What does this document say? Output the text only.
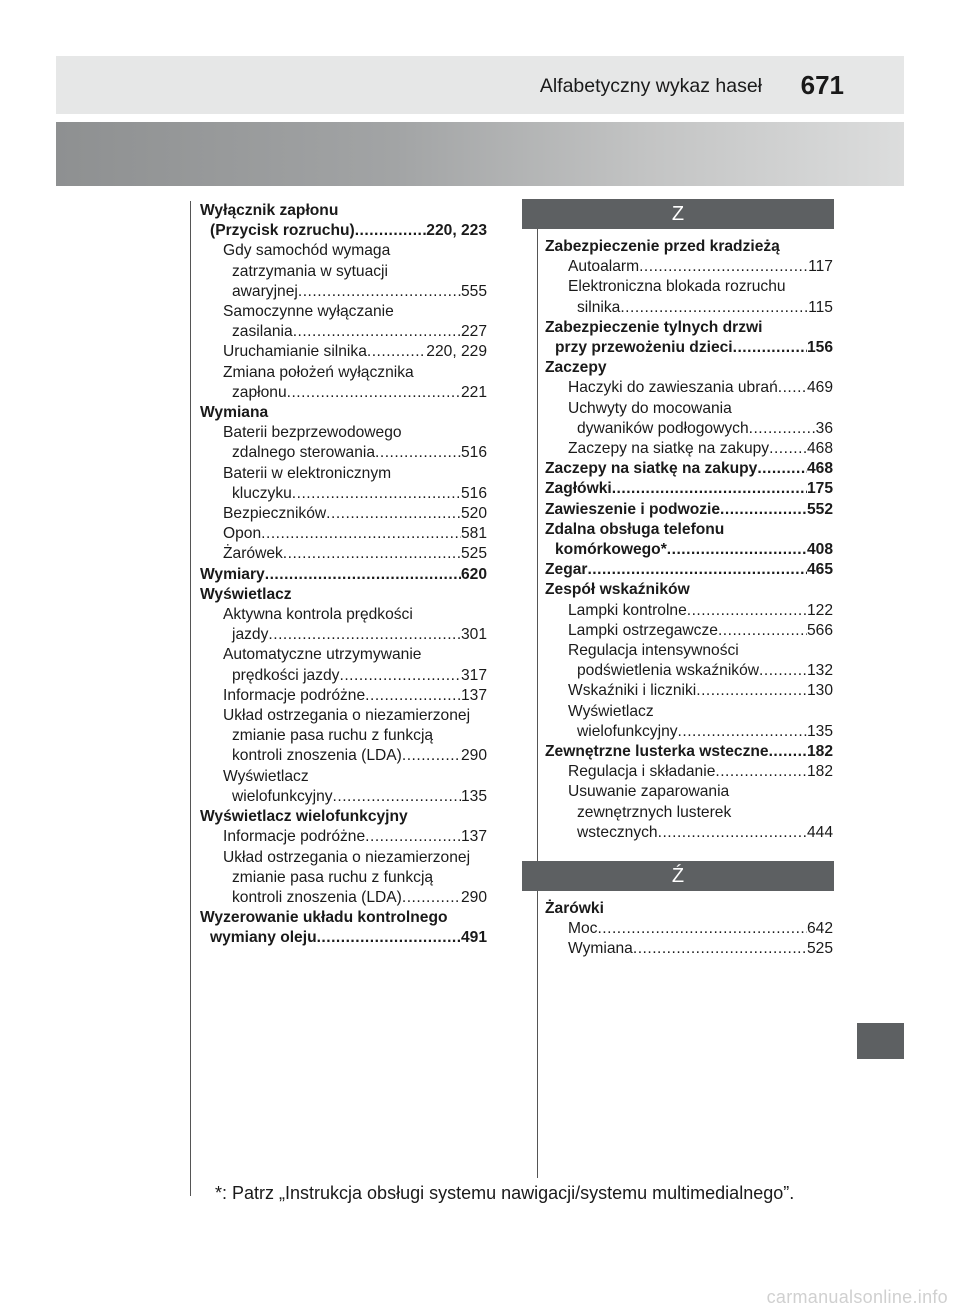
Alfabetyczny wykaz haseł 671
Wyłącznik zapłonu
(Przycisk rozruchu) .....	220, 223
Gdy samochód wymaga
zatrzymania w sytuacji
awaryjnej .....	555
Samoczynne wyłączanie
zasilania .....	227
Uruchamianie silnika .....	220, 229
Zmiana położeń wyłącznika
zapłonu .....	221
Wymiana
Baterii bezprzewodowego
zdalnego sterowania .....	516
Baterii w elektronicznym
kluczyku .....	516
Bezpieczników .....	520
Opon .....	581
Żarówek .....	525
Wymiary .....	620
Wyświetlacz
Aktywna kontrola prędkości
jazdy .....	301
Automatyczne utrzymywanie
prędkości jazdy .....	317
Informacje podróżne .....	137
Układ ostrzegania o niezamierzonej
zmianie pasa ruchu z funkcją
kontroli znoszenia (LDA) .....	290
Wyświetlacz
wielofunkcyjny .....	135
Wyświetlacz wielofunkcyjny
Informacje podróżne .....	137
Układ ostrzegania o niezamierzonej
zmianie pasa ruchu z funkcją
kontroli znoszenia (LDA) .....	290
Wyzerowanie układu kontrolnego
wymiany oleju .....	491
Z
Zabezpieczenie przed kradzieżą
Autoalarm .....	117
Elektroniczna blokada rozruchu
silnika .....	115
Zabezpieczenie tylnych drzwi
przy przewożeniu dzieci .....	156
Zaczepy
Haczyki do zawieszania ubrań ..... 469
Uchwyty do mocowania
dywaników podłogowych .....	36
Zaczepy na siatkę na zakupy ..... 468
Zaczepy na siatkę na zakupy .....	468
Zagłówki .....	175
Zawieszenie i podwozie .....	552
Zdalna obsługa telefonu
komórkowego* .....	408
Zegar .....	465
Zespół wskaźników
Lampki kontrolne .....	122
Lampki ostrzegawcze .....	566
Regulacja intensywności
podświetlenia wskaźników .....	132
Wskaźniki i liczniki .....	130
Wyświetlacz
wielofunkcyjny .....	135
Zewnętrzne lusterka wsteczne ..... 182
Regulacja i składanie .....	182
Usuwanie zaparowania
zewnętrznych lusterek
wstecznych .....	444
Ź
Żarówki
Moc .....	642
Wymiana .....	525
*: Patrz „Instrukcja obsługi systemu nawigacji/systemu multimedialnego”.
carmanualsonline.info
